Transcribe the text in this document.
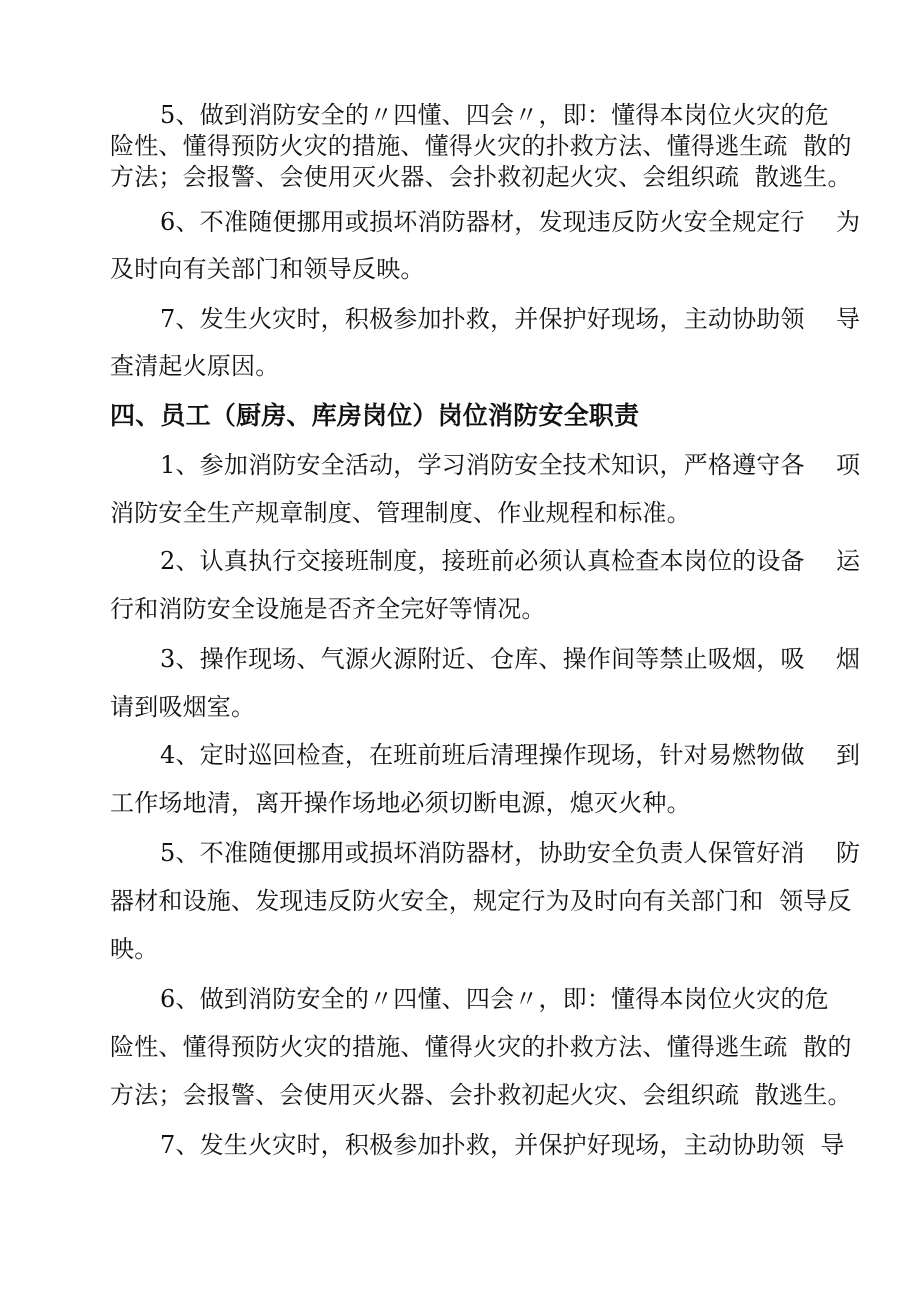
5、做到消防安全的〃四懂、四会〃，即：懂得本岗位火灾的危
险性、懂得预防火灾的措施、懂得火灾的扑救方法、懂得逃生疏  散的
方法；会报警、会使用灭火器、会扑救初起火灾、会组织疏  散逃生。
6、不准随便挪用或损坏消防器材，发现违反防火安全规定行    为
及时向有关部门和领导反映。
7、发生火灾时，积极参加扑救，并保护好现场，主动协助领    导
查清起火原因。
四、员工（厨房、库房岗位）岗位消防安全职责
1、参加消防安全活动，学习消防安全技术知识，严格遵守各    项
消防安全生产规章制度、管理制度、作业规程和标准。
2、认真执行交接班制度，接班前必须认真检查本岗位的设备    运
行和消防安全设施是否齐全完好等情况。
3、操作现场、气源火源附近、仓库、操作间等禁止吸烟，吸    烟
请到吸烟室。
4、定时巡回检查，在班前班后清理操作现场，针对易燃物做    到
工作场地清，离开操作场地必须切断电源，熄灭火种。
5、不准随便挪用或损坏消防器材，协助安全负责人保管好消    防
器材和设施、发现违反防火安全，规定行为及时向有关部门和  领导反
映。
6、做到消防安全的〃四懂、四会〃，即：懂得本岗位火灾的危
险性、懂得预防火灾的措施、懂得火灾的扑救方法、懂得逃生疏  散的
方法；会报警、会使用灭火器、会扑救初起火灾、会组织疏  散逃生。
7、发生火灾时，积极参加扑救，并保护好现场，主动协助领  导
